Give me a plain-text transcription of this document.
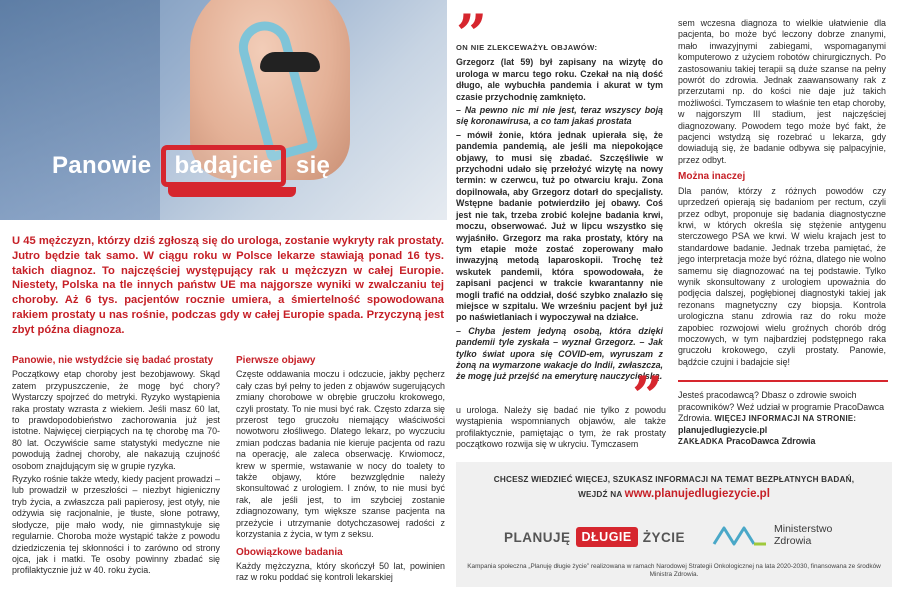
Panowie badajcie się

U 45 mężczyzn, którzy dziś zgłoszą się do urologa, zostanie wykryty rak prostaty. Jutro będzie tak samo. W ciągu roku w Polsce lekarze stawiają ponad 16 tys. takich diagnoz. To najczęściej występujący rak u mężczyzn w całej Europie. Niestety, Polska na tle innych państw UE ma najgorsze wyniki w zwalczaniu tej choroby. Aż 6 tys. pacjentów rocznie umiera, a śmiertelność spowodowana rakiem prostaty u nas rośnie, podczas gdy w całej Europie spada. Przyczyną jest zbyt późna diagnoza.

Panowie, nie wstydźcie się badać prostaty

Początkowy etap choroby jest bezobjawowy. Skąd zatem przypuszczenie, że mogę być chory? Wystarczy spojrzeć do metryki. Ryzyko wystąpienia raka prostaty wzrasta z wiekiem. Jeśli masz 60 lat, to prawdopodobieństwo zachorowania już jest istotne. Najwięcej cierpiących na tę chorobę ma 70-80 lat. Oczywiście same statystyki medyczne nie powodują żadnej choroby, ale nakazują czujność osobom znajdującym się w grupie ryzyka.

Ryzyko rośnie także wtedy, kiedy pacjent prowadzi – lub prowadził w przeszłości – niezbyt higieniczny tryb życia, a zwłaszcza pali papierosy, jest otyły, nie odżywia się racjonalnie, je tłuste, słone potrawy, słodycze, pije mało wody, nie gimnastykuje się regularnie. Choroba może wystąpić także z powodu dziedziczenia tej skłonności i to zarówno od strony ojca, jak i matki. Te osoby powinny zbadać się profilaktycznie już w 40. roku życia.

Pierwsze objawy

Częste oddawania moczu i odczucie, jakby pęcherz cały czas był pełny to jeden z objawów sugerujących zmiany chorobowe w obrębie gruczołu krokowego, czyli prostaty. To nie musi być rak. Często zdarza się przerost tego gruczołu niemający właściwości nowotworu złośliwego. Dlatego lekarz, po wyczuciu zmian podczas badania nie kieruje pacjenta od razu na operację, ale zaleca obserwację. Krwiomocz, krew w spermie, wstawanie w nocy do toalety to także objawy, które bezwzględnie należy skonsultować z urologiem. I znów, to nie musi być rak, ale jeśli jest, to im szybciej zostanie zdiagnozowany, tym większe szanse pacjenta na przeżycie i utrzymanie dotychczasowej radości z korzystania z życia, w tym z seksu.

Obowiązkowe badania

Każdy mężczyzna, który skończył 50 lat, powinien raz w roku poddać się kontroli lekarskiej

”
ON NIE ZLEKCEWAŻYŁ OBJAWÓW:

Grzegorz (lat 59) był zapisany na wizytę do urologa w marcu tego roku. Czekał na nią dość długo, ale wybuchła pandemia i akurat w tym czasie przychodnię zamknięto.

– Na pewno nic mi nie jest, teraz wszyscy boją się koronawirusa, a co tam jakaś prostata

– mówił żonie, która jednak upierała się, że pandemia pandemią, ale jeśli ma niepokojące objawy, to musi się zbadać. Szczęśliwie w przychodni udało się przełożyć wizytę na nowy termin: w czerwcu, tuż po otwarciu kraju. Zona dopilnowała, aby Grzegorz dotarł do specjalisty. Wstępne badanie potwierdziło jej obawy. Coś jest nie tak, trzeba zrobić kolejne badania krwi, moczu, obserwować. Już w lipcu wszystko się wyjaśniło. Grzegorz ma raka prostaty, który na tym etapie może zostać zoperowany mało inwazyjną metodą laparoskopii. Trochę też wskutek pandemii, która spowodowała, że zapisani pacjenci w trakcie kwarantanny nie mogli trafić na oddział, dość szybko znalazło się miejsce w szpitalu. We wrześniu pacjent był już po naświetlaniach i wypoczywał na działce.

– Chyba jestem jedyną osobą, która dzięki pandemii tyle zyskała – wyznał Grzegorz. – Jak tylko świat upora się COVID-em, wyruszam z żoną na wymarzone wakacje do Indii, zwłaszcza, że mogę już przejść na emeryturę nauczycielską.

”

u urologa. Należy się badać nie tylko z powodu wystąpienia wspomnianych objawów, ale także profilaktycznie, pamiętając o tym, że rak prostaty początkowo rozwija się w ukryciu. Tymczasem

sem wczesna diagnoza to wielkie ułatwienie dla pacjenta, bo może być leczony dobrze znanymi, mało inwazyjnymi zabiegami, wspomaganymi komputerowo z użyciem robotów chirurgicznych. Po zastosowaniu takiej terapii są duże szanse na pełny powrót do zdrowia. Jednak zaawansowany rak z przerzutami np. do kości nie daje już takich możliwości. Tymczasem to właśnie ten etap choroby, w najgorszym III stadium, jest najczęściej diagnozowany. Powodem tego może być fakt, że pacjenci wstydzą się rozebrać u lekarza, gdy dowiadują się, że badanie odbywa się palpacyjnie, przez odbyt.

Można inaczej

Dla panów, którzy z różnych powodów czy uprzedzeń opierają się badaniom per rectum, czyli przez odbyt, proponuje się badania diagnostyczne krwi, w których określa się stężenie antygenu sterczowego PSA we krwi. W wielu krajach jest to standardowe badanie. Jednak trzeba pamiętać, że jego interpretacja może być różna, dlatego nie wolno samemu się diagnozować na tej podstawie. Tylko wynik skonsultowany z urologiem upoważnia do podjęcia dalszej, pogłębionej diagnostyki takiej jak rezonans magnetyczny czy biopsja. Kontrola urologiczna stanu zdrowia raz do roku może zapobiec rozwojowi wielu groźnych chorób dróg moczowych, w tym najbardziej podstępnego raka gruczołu krokowego, czyli prostaty. Panowie, bądźcie czujni i badajcie się!

Jesteś pracodawcą? Dbasz o zdrowie swoich pracowników? Weź udział w programie PracoDawca Zdrowia. WIĘCEJ INFORMACJI NA STRONIE: planujedlugiezycie.pl
ZAKŁADKA PracoDawca Zdrowia
CHCESZ WIEDZIEĆ WIĘCEJ, SZUKASZ INFORMACJI NA TEMAT BEZPŁATNYCH BADAŃ,
WEJDŹ NA www.planujedlugiezycie.pl
PLANUJĘ DŁUGIE ŻYCIE
Ministerstwo
Zdrowia
Kampania społeczna „Planuję długie życie” realizowana w ramach Narodowej Strategii Onkologicznej na lata 2020-2030, finansowana ze środków Ministra Zdrowia.
